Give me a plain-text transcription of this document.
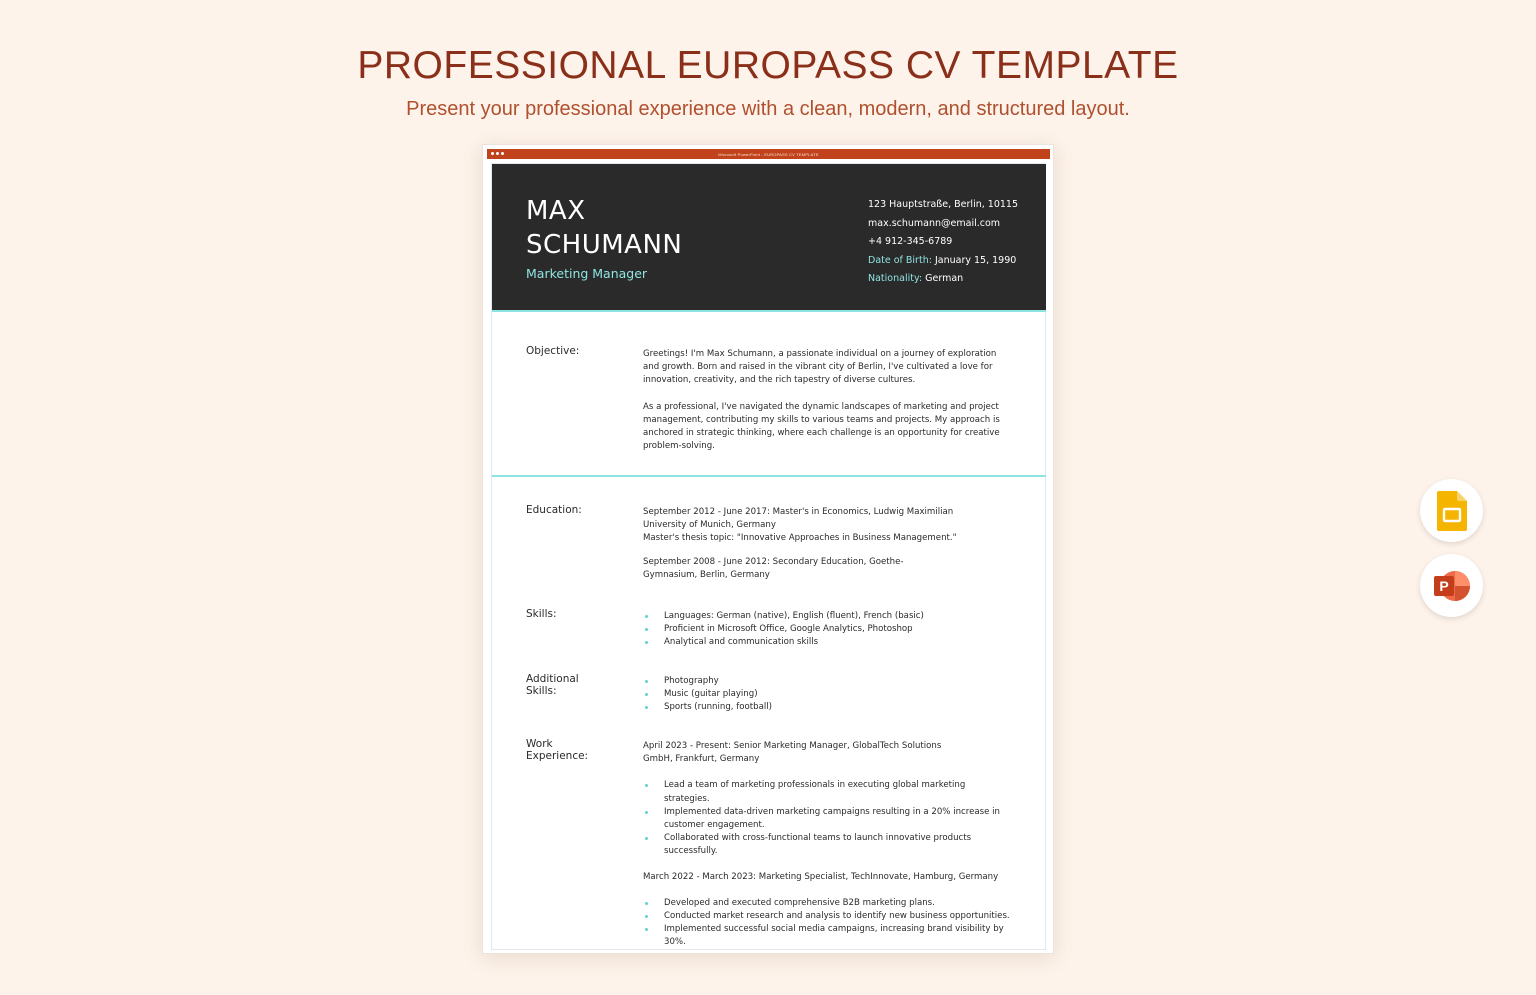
PROFESSIONAL EUROPASS CV TEMPLATE
Present your professional experience with a clean, modern, and structured layout.
Microsoft PowerPoint - EUROPASS CV TEMPLATE
MAX
SCHUMANN
Marketing Manager
123 Hauptstraße, Berlin, 10115
max.schumann@email.com
+4 912-345-6789
Date of Birth: January 15, 1990
Nationality: German
Objective:	Greetings! I'm Max Schumann, a passionate individual on a journey of exploration and growth. Born and raised in the vibrant city of Berlin, I've cultivated a love for innovation, creativity, and the rich tapestry of diverse cultures.

As a professional, I've navigated the dynamic landscapes of marketing and project management, contributing my skills to various teams and projects. My approach is anchored in strategic thinking, where each challenge is an opportunity for creative problem-solving.

Education:	September 2012 - June 2017: Master's in Economics, Ludwig Maximilian University of Munich, Germany

Master's thesis topic: "Innovative Approaches in Business Management."

September 2008 - June 2012: Secondary Education, Goethe-Gymnasium, Berlin, Germany
Skills:	Languages: German (native), English (fluent), French (basic)
Proficient in Microsoft Office, Google Analytics, Photoshop
Analytical and communication skills
Additional
Skills:
Photography
Music (guitar playing)
Sports (running, football)
Work
Experience:

April 2023 - Present: Senior Marketing Manager, GlobalTech Solutions GmbH, Frankfurt, Germany

Lead a team of marketing professionals in executing global marketing strategies.
Implemented data-driven marketing campaigns resulting in a 20% increase in customer engagement.
Collaborated with cross-functional teams to launch innovative products successfully.

March 2022 - March 2023: Marketing Specialist, TechInnovate, Hamburg, Germany

Developed and executed comprehensive B2B marketing plans.
Conducted market research and analysis to identify new business opportunities.
Implemented successful social media campaigns, increasing brand visibility by 30%.
P
